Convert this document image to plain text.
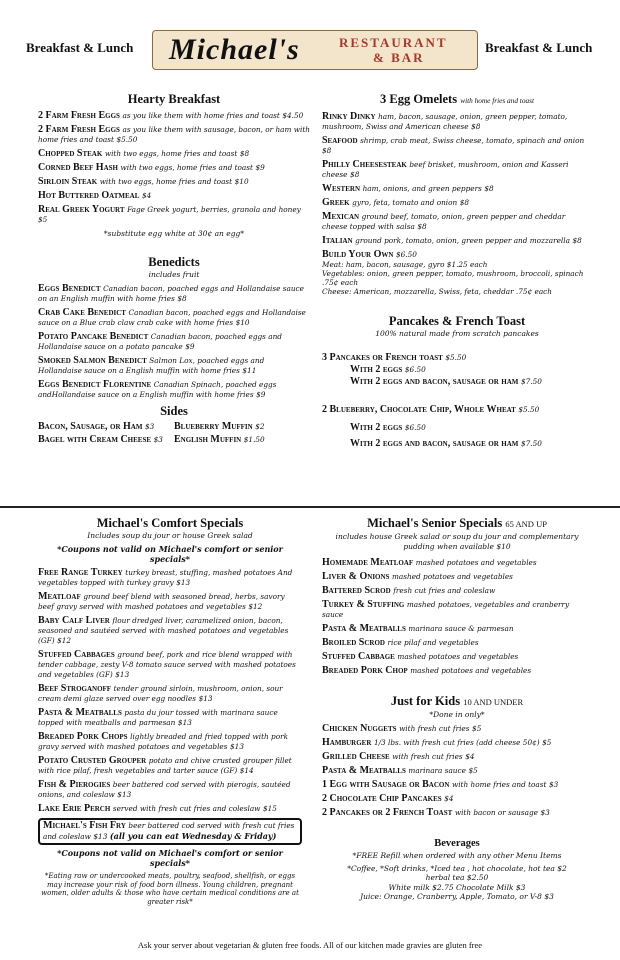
Breakfast & Lunch Michael's	RESTAURANT
& BAR
Breakfast & Lunch
Hearty Breakfast
2 Farm Fresh Eggs as you like them with home fries and toast $4.50
2 Farm Fresh Eggs as you like them with sausage, bacon, or ham with home fries and toast $5.50
Chopped Steak with two eggs, home fries and toast $8
Corned Beef Hash with two eggs, home fries and toast $9
Sirloin Steak with two eggs, home fries and toast $10
Hot Buttered Oatmeal $4
Real Greek Yogurt Fage Greek yogurt, berries, granola and honey $5
*substitute egg white at 30¢ an egg*
Benedicts
includes fruit
Eggs Benedict Canadian bacon, poached eggs and Hollandaise sauce on an English muffin with home fries $8
Crab Cake Benedict Canadian bacon, poached eggs and Hollandaise sauce on a Blue crab claw crab cake with home fries $10
Potato Pancake Benedict Canadian bacon, poached eggs and Hollandaise sauce on a potato pancake $9
Smoked Salmon Benedict Salmon Lox, poached eggs and Hollandaise sauce on a English muffin with home fries $11
Eggs Benedict Florentine Canadian Spinach, poached eggs andHollandaise sauce on a English muffin with home fries $9
Sides
Bacon, Sausage, or Ham $3	Blueberry Muffin $2
Bagel with Cream Cheese $3	English Muffin $1.50
3 Egg Omelets with home fries and toast
Rinky Dinky ham, bacon, sausage, onion, green pepper, tomato, mushroom, Swiss and American cheese $8
Seafood shrimp, crab meat, Swiss cheese, tomato, spinach and onion $8
Philly Cheesesteak beef brisket, mushroom, onion and Kasseri cheese $8
Western ham, onions, and green peppers $8
Greek gyro, feta, tomato and onion $8
Mexican ground beef, tomato, onion, green pepper and cheddar cheese topped with salsa $8
Italian ground pork, tomato, onion, green pepper and mozzarella $8
Build Your Own $6.50
Meat: ham, bacon, sausage, gyro $1.25 each
Vegetables: onion, green pepper, tomato, mushroom, broccoli, spinach .75¢ each
Cheese: American, mozzarella, Swiss, feta, cheddar .75¢ each
Pancakes & French Toast
100% natural made from scratch pancakes
3 Pancakes or French toast $5.50
With 2 eggs $6.50
With 2 eggs and bacon, sausage or ham $7.50
2 Blueberry, Chocolate Chip, Whole Wheat $5.50
With 2 eggs $6.50
With 2 eggs and bacon, sausage or ham $7.50
Michael's Comfort Specials
Includes soup du jour or house Greek salad
*Coupons not valid on Michael's comfort or senior specials*
Free Range Turkey turkey breast, stuffing, mashed potatoes And vegetables topped with turkey gravy $13
Meatloaf ground beef blend with seasoned bread, herbs, savory beef gravy served with mashed potatoes and vegetables $12
Baby Calf Liver flour dredged liver, caramelized onion, bacon, seasoned and sautéed served with mashed potatoes and vegetables (GF) $12
Stuffed Cabbages ground beef, pork and rice blend wrapped with tender cabbage, zesty V-8 tomato sauce served with mashed potatoes and vegetables (GF) $13
Beef Stroganoff tender ground sirloin, mushroom, onion, sour cream demi glaze served over egg noodles $13
Pasta & Meatballs pasta du jour tossed with marinara sauce topped with meatballs and parmesan $13
Breaded Pork Chops lightly breaded and fried topped with pork gravy served with mashed potatoes and vegetables $13
Potato Crusted Grouper potato and chive crusted grouper fillet with rice pilaf, fresh vegetables and tarter sauce (GF) $14
Fish & Pierogies beer battered cod served with pierogis, sautéed onions, and coleslaw $13
Lake Erie Perch served with fresh cut fries and coleslaw $15
Michael's Fish Fry beer battered cod served with fresh cut fries and coleslaw $13 (all you can eat Wednesday & Friday)
*Coupons not valid on Michael's comfort or senior specials*
*Eating raw or undercooked meats, poultry, seafood, shellfish, or eggs may increase your risk of food born illness. Young children, pregnant women, older adults & those who have certain medical conditions are at greater risk*
Michael's Senior Specials 65 AND UP
includes house Greek salad or soup du jour and complementary pudding when available $10
Homemade Meatloaf mashed potatoes and vegetables
Liver & Onions mashed potatoes and vegetables
Battered Scrod fresh cut fries and coleslaw
Turkey & Stuffing mashed potatoes, vegetables and cranberry sauce
Pasta & Meatballs marinara sauce & parmesan
Broiled Scrod rice pilaf and vegetables
Stuffed Cabbage mashed potatoes and vegetables
Breaded Pork Chop mashed potatoes and vegetables
Just for Kids 10 AND UNDER
*Done in only*
Chicken Nuggets with fresh cut fries $5
Hamburger 1/3 lbs. with fresh cut fries (add cheese 50¢) $5
Grilled Cheese with fresh cut fries $4
Pasta & Meatballs marinara sauce $5
1 Egg with Sausage or Bacon with home fries and toast $3
2 Chocolate Chip Pancakes $4
2 Pancakes or 2 French Toast with bacon or sausage $3
Beverages
*FREE Refill when ordered with any other Menu Items
*Coffee, *Soft drinks, *Iced tea , hot chocolate, hot tea $2
herbal tea $2.50
White milk $2.75 Chocolate Milk $3
Juice: Orange, Cranberry, Apple, Tomato, or V-8 $3
Ask your server about vegetarian & gluten free foods. All of our kitchen made gravies are gluten free
